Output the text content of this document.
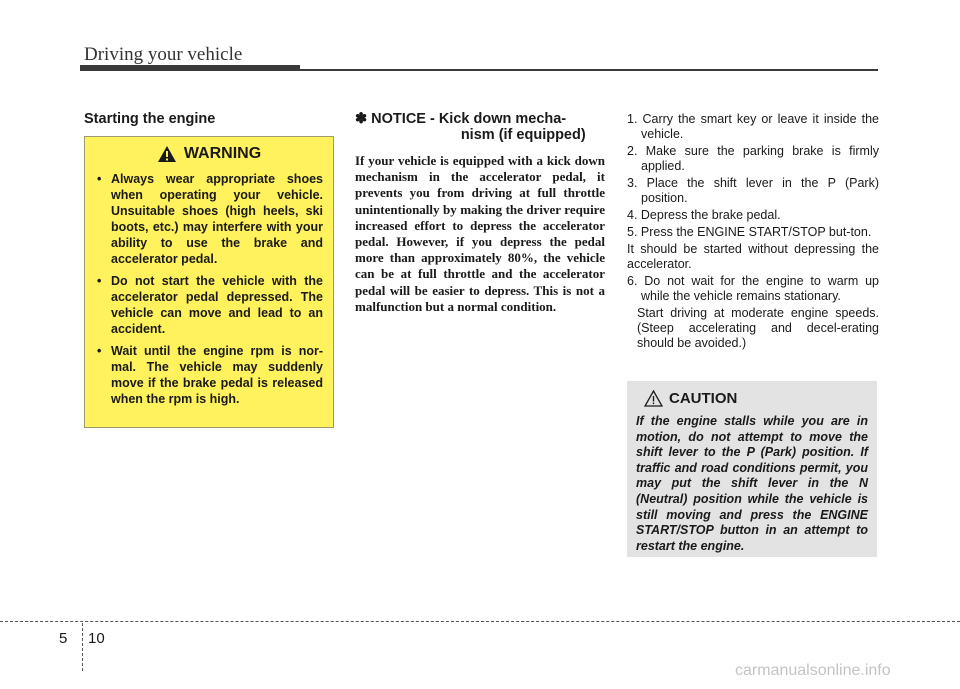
Driving your vehicle
Starting the engine
WARNING
• Always wear appropriate shoes when operating your vehicle. Unsuitable shoes (high heels, ski boots, etc.) may interfere with your ability to use the brake and accelerator pedal.
• Do not start the vehicle with the accelerator pedal depressed. The vehicle can move and lead to an accident.
• Wait until the engine rpm is nor-mal. The vehicle may suddenly move if the brake pedal is released when the rpm is high.
✽ NOTICE - Kick down mecha-
nism (if equipped)

If your vehicle is equipped with a kick down mechanism in the accelerator pedal, it prevents you from driving at full throttle unintentionally by making the driver require increased effort to depress the accelerator pedal. However, if you depress the pedal more than approximately 80%, the vehicle can be at full throttle and the accelerator pedal will be easier to depress. This is not a malfunction but a normal condition.

1. Carry the smart key or leave it inside the vehicle.
2. Make sure the parking brake is firmly applied.
3. Place the shift lever in the P (Park) position.
4. Depress the brake pedal.
5. Press the ENGINE START/STOP but-ton.
It should be started without depressing the accelerator.
6. Do not wait for the engine to warm up while the vehicle remains stationary.
Start driving at moderate engine speeds. (Steep accelerating and decel-erating should be avoided.)
CAUTION

If the engine stalls while you are in motion, do not attempt to move the shift lever to the P (Park) position. If traffic and road conditions permit, you may put the shift lever in the N (Neutral) position while the vehicle is still moving and press the ENGINE START/STOP button in an attempt to restart the engine.

5 10
carmanualsonline.info
